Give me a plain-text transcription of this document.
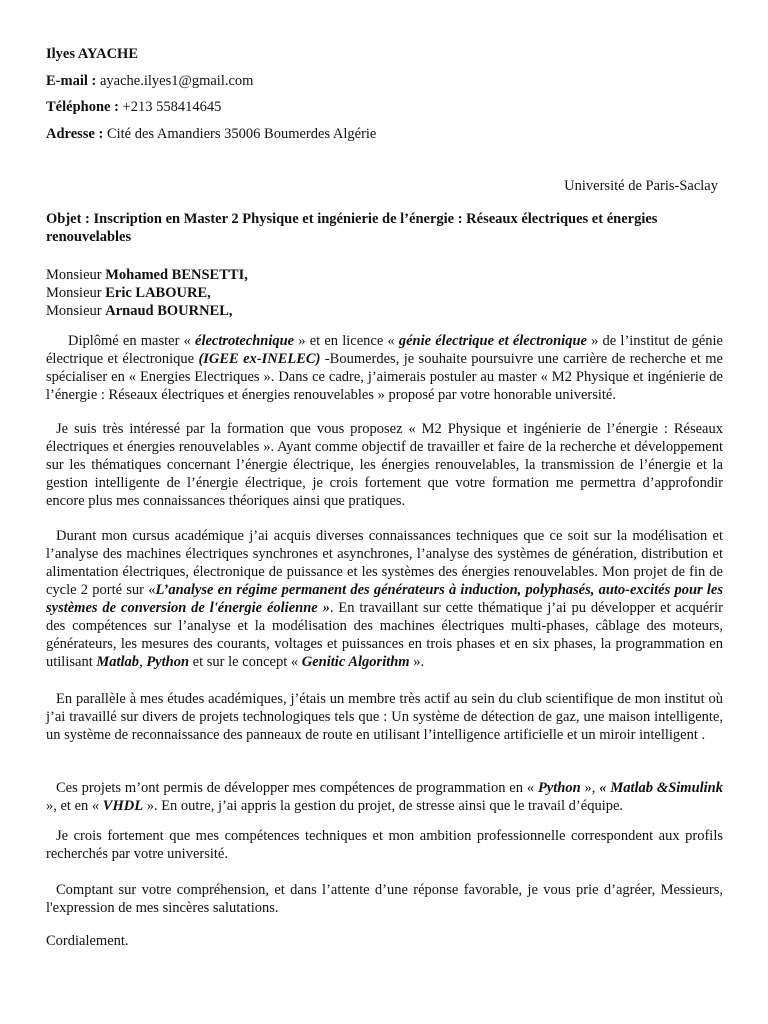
Ilyes AYACHE
E-mail : ayache.ilyes1@gmail.com
Téléphone : +213 558414645
Adresse : Cité des Amandiers 35006 Boumerdes Algérie
Université de Paris-Saclay
Objet : Inscription en Master 2 Physique et ingénierie de l’énergie : Réseaux électriques et énergies renouvelables
Monsieur Mohamed BENSETTI,
Monsieur Eric LABOURE,
Monsieur Arnaud BOURNEL,
Diplômé en master « électrotechnique » et en licence « génie électrique et électronique » de l’institut de génie électrique et électronique (IGEE ex-INELEC) -Boumerdes, je souhaite poursuivre une carrière de recherche et me spécialiser en « Energies Electriques ». Dans ce cadre, j’aimerais postuler au master « M2 Physique et ingénierie de l’énergie : Réseaux électriques et énergies renouvelables » proposé par votre honorable université.
Je suis très intéressé par la formation que vous proposez « M2 Physique et ingénierie de l’énergie : Réseaux électriques et énergies renouvelables ». Ayant comme objectif de travailler et faire de la recherche et développement sur les thématiques concernant l’énergie électrique, les énergies renouvelables, la transmission de l’énergie et la gestion intelligente de l’énergie électrique, je crois fortement que votre formation me permettra d’approfondir encore plus mes connaissances théoriques ainsi que pratiques.
Durant mon cursus académique j’ai acquis diverses connaissances techniques que ce soit sur la modélisation et l’analyse des machines électriques synchrones et asynchrones, l’analyse des systèmes de génération, distribution et alimentation électriques, électronique de puissance et les systèmes des énergies renouvelables. Mon projet de fin de cycle 2 porté sur «L’analyse en régime permanent des générateurs à induction, polyphasés, auto-excités pour les systèmes de conversion de l'énergie éolienne ». En travaillant sur cette thématique j’ai pu développer et acquérir des compétences sur l’analyse et la modélisation des machines électriques multi-phases, câblage des moteurs, générateurs, les mesures des courants, voltages et puissances en trois phases et en six phases, la programmation en utilisant Matlab, Python et sur le concept « Genitic Algorithm ».
En parallèle à mes études académiques, j’étais un membre très actif au sein du club scientifique de mon institut où j’ai travaillé sur divers de projets technologiques tels que : Un système de détection de gaz, une maison intelligente, un système de reconnaissance des panneaux de route en utilisant l’intelligence artificielle et un miroir intelligent .
Ces projets m’ont permis de développer mes compétences de programmation en « Python », « Matlab &Simulink », et en « VHDL ». En outre, j’ai appris la gestion du projet, de stresse ainsi que le travail d’équipe.
Je crois fortement que mes compétences techniques et mon ambition professionnelle correspondent aux profils recherchés par votre université.
Comptant sur votre compréhension, et dans l’attente d’une réponse favorable, je vous prie d’agréer, Messieurs, l'expression de mes sincères salutations.
Cordialement.
